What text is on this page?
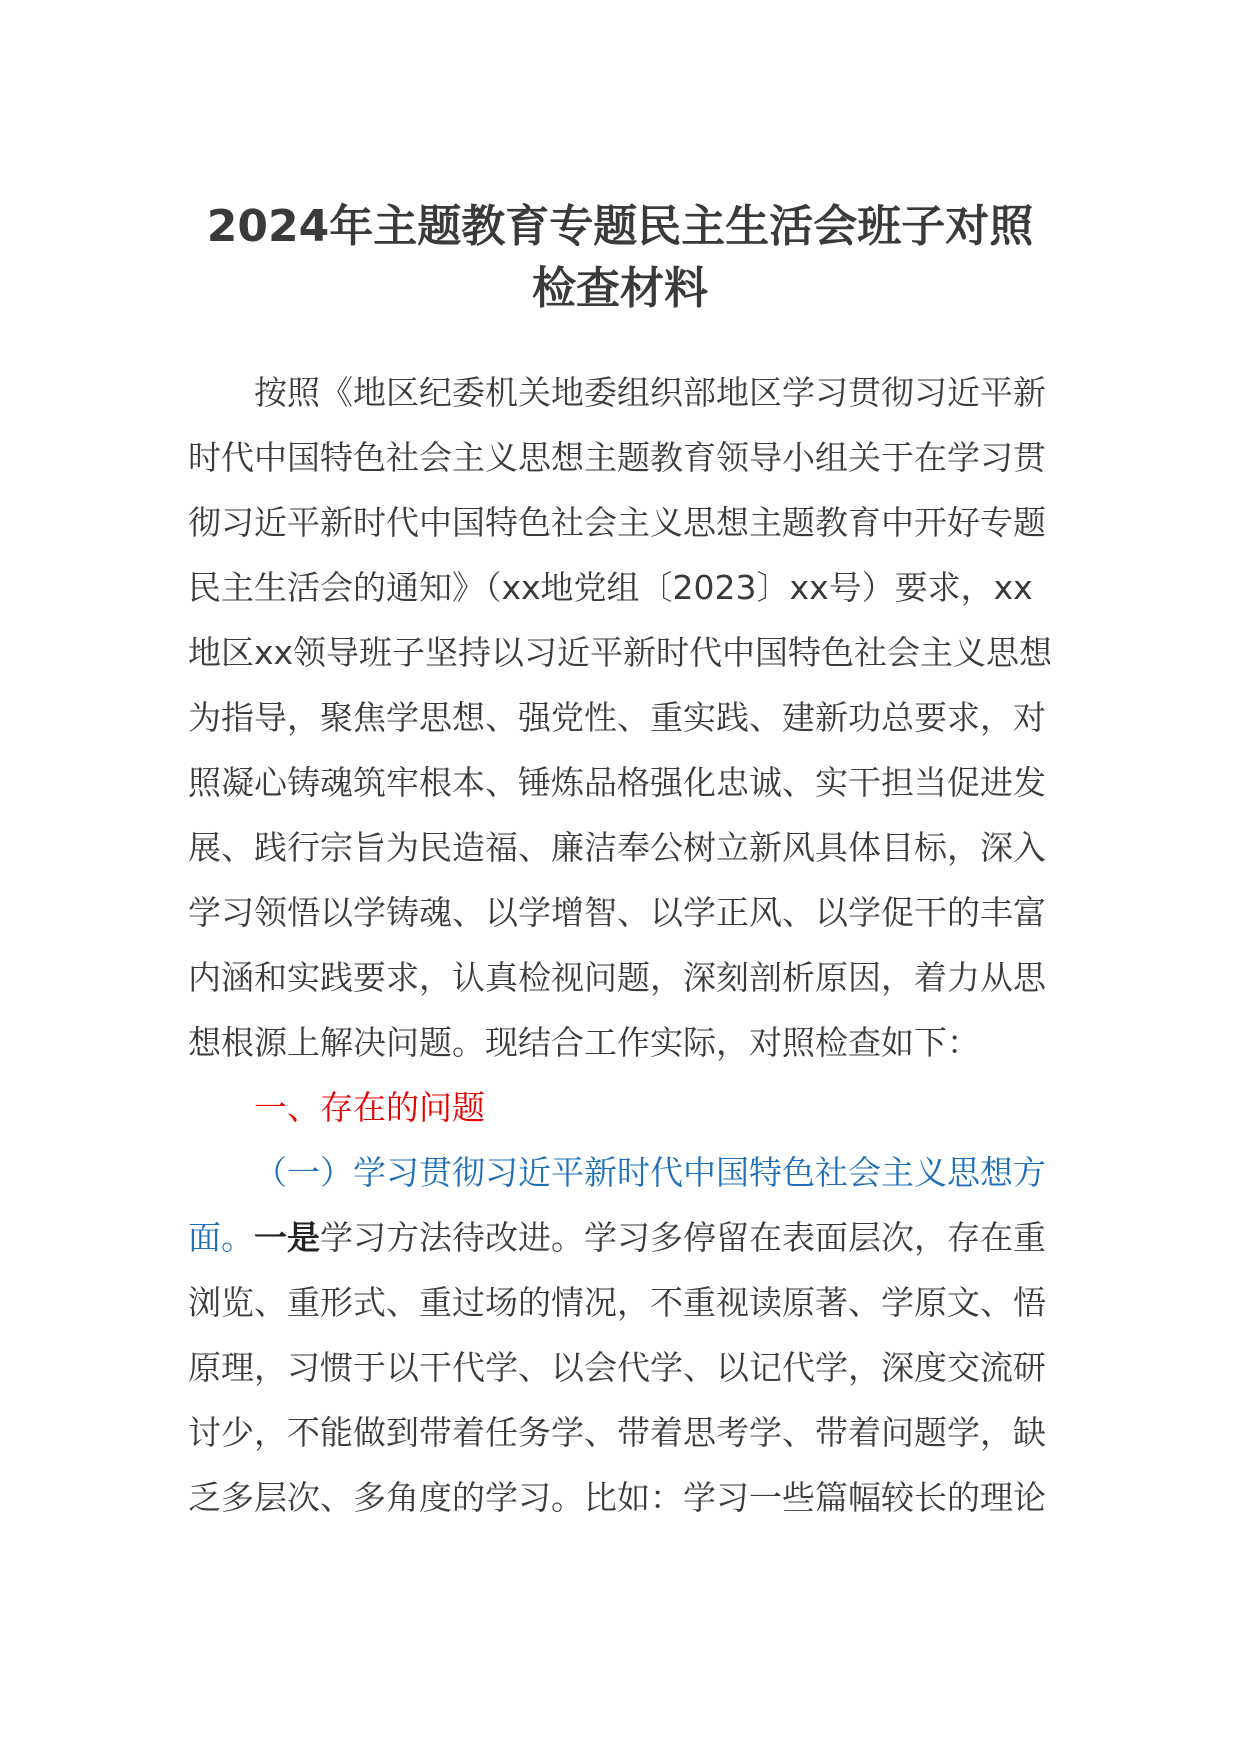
2024年主题教育专题民主生活会班子对照
检查材料
按照《地区纪委机关地委组织部地区学习贯彻习近平新
时代中国特色社会主义思想主题教育领导小组关于在学习贯
彻习近平新时代中国特色社会主义思想主题教育中开好专题
民主生活会的通知》（xx地党组〔2023〕xx号）要求，xx
地区xx领导班子坚持以习近平新时代中国特色社会主义思想
为指导，聚焦学思想、强党性、重实践、建新功总要求，对
照凝心铸魂筑牢根本、锤炼品格强化忠诚、实干担当促进发
展、践行宗旨为民造福、廉洁奉公树立新风具体目标，深入
学习领悟以学铸魂、以学增智、以学正风、以学促干的丰富
内涵和实践要求，认真检视问题，深刻剖析原因，着力从思
想根源上解决问题。现结合工作实际，对照检查如下：
一、存在的问题
（一）学习贯彻习近平新时代中国特色社会主义思想方
面。一是学习方法待改进。学习多停留在表面层次，存在重
浏览、重形式、重过场的情况，不重视读原著、学原文、悟
原理，习惯于以干代学、以会代学、以记代学，深度交流研
讨少，不能做到带着任务学、带着思考学、带着问题学，缺
乏多层次、多角度的学习。比如：学习一些篇幅较长的理论
